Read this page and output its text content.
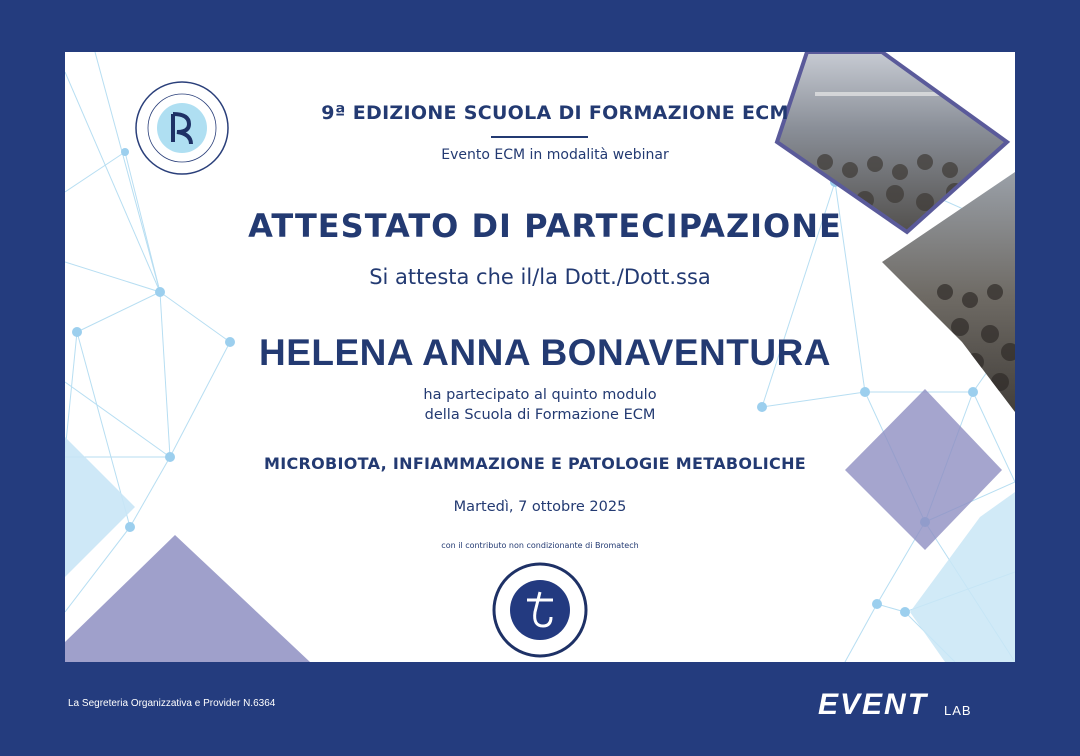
9ª EDIZIONE SCUOLA DI FORMAZIONE ECM
Evento ECM in modalità webinar
ATTESTATO DI PARTECIPAZIONE
Si attesta che il/la Dott./Dott.ssa
HELENA ANNA BONAVENTURA
ha partecipato al quinto modulo
della Scuola di Formazione ECM
MICROBIOTA, INFIAMMAZIONE E PATOLOGIE METABOLICHE
Martedì, 7 ottobre 2025
con il contributo non condizionante di Bromatech
La Segreteria Organizzativa e Provider N.6364	EVENT LAB
